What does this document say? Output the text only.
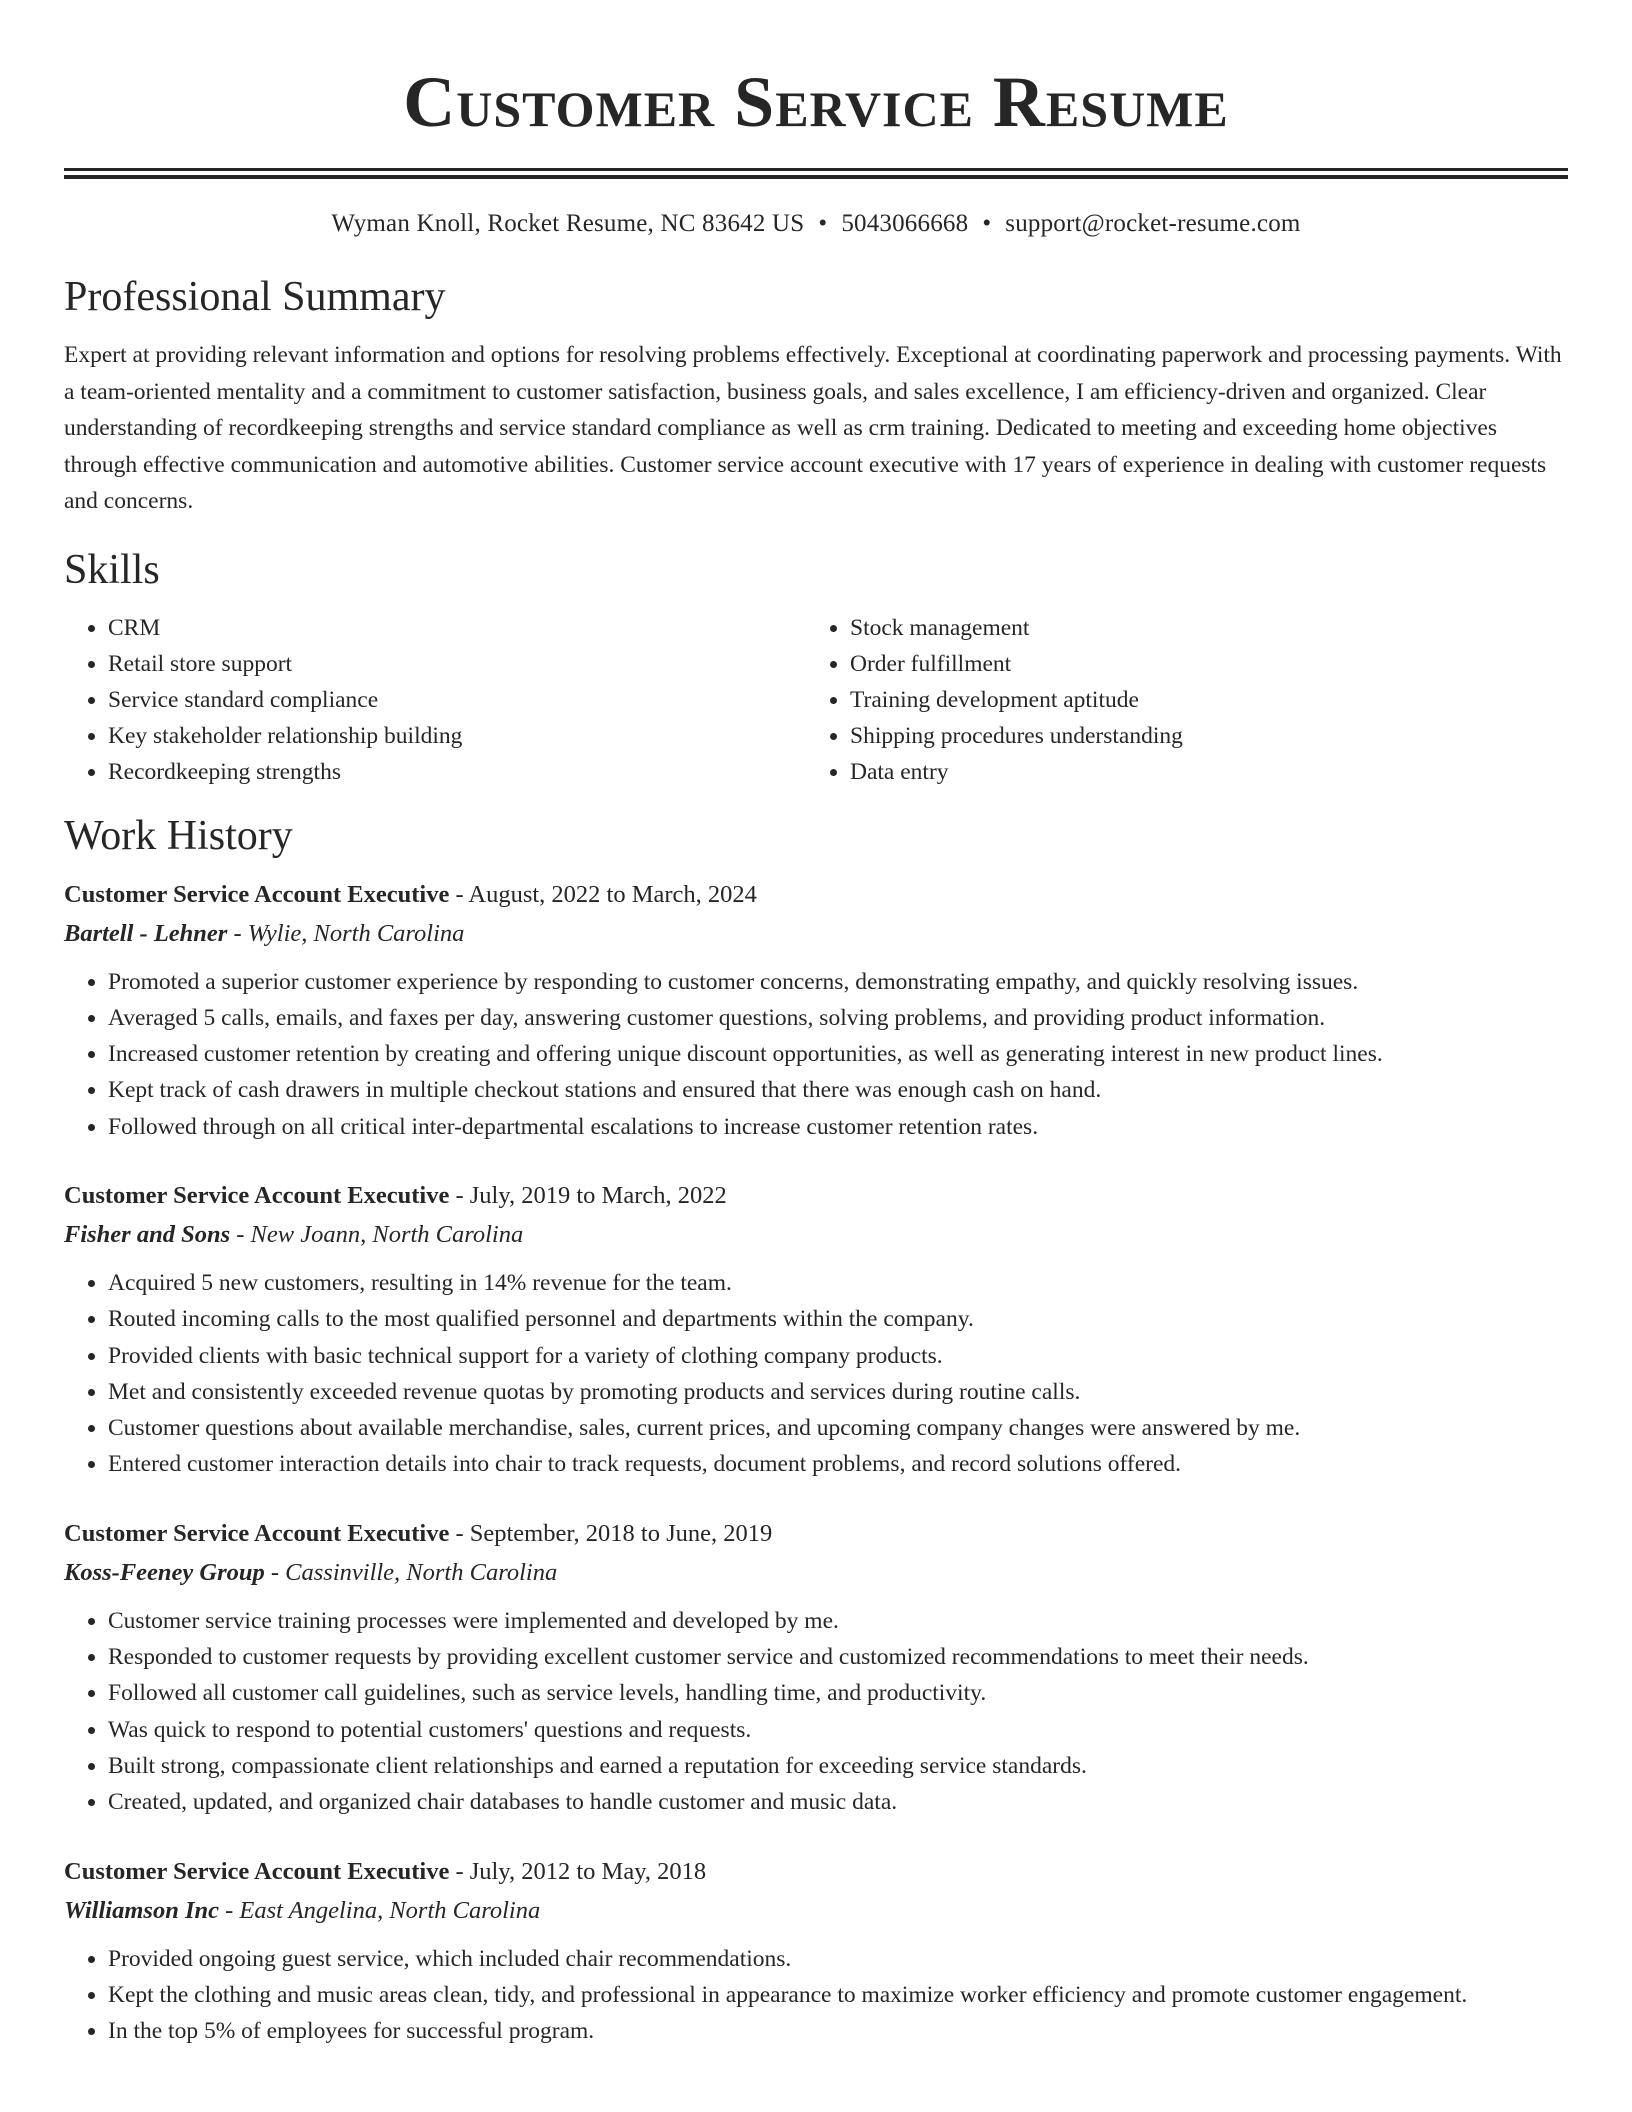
Customer Service Resume
Wyman Knoll, Rocket Resume, NC 83642 US • 5043066668 • support@rocket-resume.com
Professional Summary
Expert at providing relevant information and options for resolving problems effectively. Exceptional at coordinating paperwork and processing payments. With a team-oriented mentality and a commitment to customer satisfaction, business goals, and sales excellence, I am efficiency-driven and organized. Clear understanding of recordkeeping strengths and service standard compliance as well as crm training. Dedicated to meeting and exceeding home objectives through effective communication and automotive abilities. Customer service account executive with 17 years of experience in dealing with customer requests and concerns.
Skills
• CRM
• Retail store support
• Service standard compliance
• Key stakeholder relationship building
• Recordkeeping strengths
• Stock management
• Order fulfillment
• Training development aptitude
• Shipping procedures understanding
• Data entry
Work History
Customer Service Account Executive - August, 2022 to March, 2024
Bartell - Lehner - Wylie, North Carolina
• Promoted a superior customer experience by responding to customer concerns, demonstrating empathy, and quickly resolving issues.
• Averaged 5 calls, emails, and faxes per day, answering customer questions, solving problems, and providing product information.
• Increased customer retention by creating and offering unique discount opportunities, as well as generating interest in new product lines.
• Kept track of cash drawers in multiple checkout stations and ensured that there was enough cash on hand.
• Followed through on all critical inter-departmental escalations to increase customer retention rates.
Customer Service Account Executive - July, 2019 to March, 2022
Fisher and Sons - New Joann, North Carolina
• Acquired 5 new customers, resulting in 14% revenue for the team.
• Routed incoming calls to the most qualified personnel and departments within the company.
• Provided clients with basic technical support for a variety of clothing company products.
• Met and consistently exceeded revenue quotas by promoting products and services during routine calls.
• Customer questions about available merchandise, sales, current prices, and upcoming company changes were answered by me.
• Entered customer interaction details into chair to track requests, document problems, and record solutions offered.
Customer Service Account Executive - September, 2018 to June, 2019
Koss-Feeney Group - Cassinville, North Carolina
• Customer service training processes were implemented and developed by me.
• Responded to customer requests by providing excellent customer service and customized recommendations to meet their needs.
• Followed all customer call guidelines, such as service levels, handling time, and productivity.
• Was quick to respond to potential customers' questions and requests.
• Built strong, compassionate client relationships and earned a reputation for exceeding service standards.
• Created, updated, and organized chair databases to handle customer and music data.
Customer Service Account Executive - July, 2012 to May, 2018
Williamson Inc - East Angelina, North Carolina
• Provided ongoing guest service, which included chair recommendations.
• Kept the clothing and music areas clean, tidy, and professional in appearance to maximize worker efficiency and promote customer engagement.
• In the top 5% of employees for successful program.
